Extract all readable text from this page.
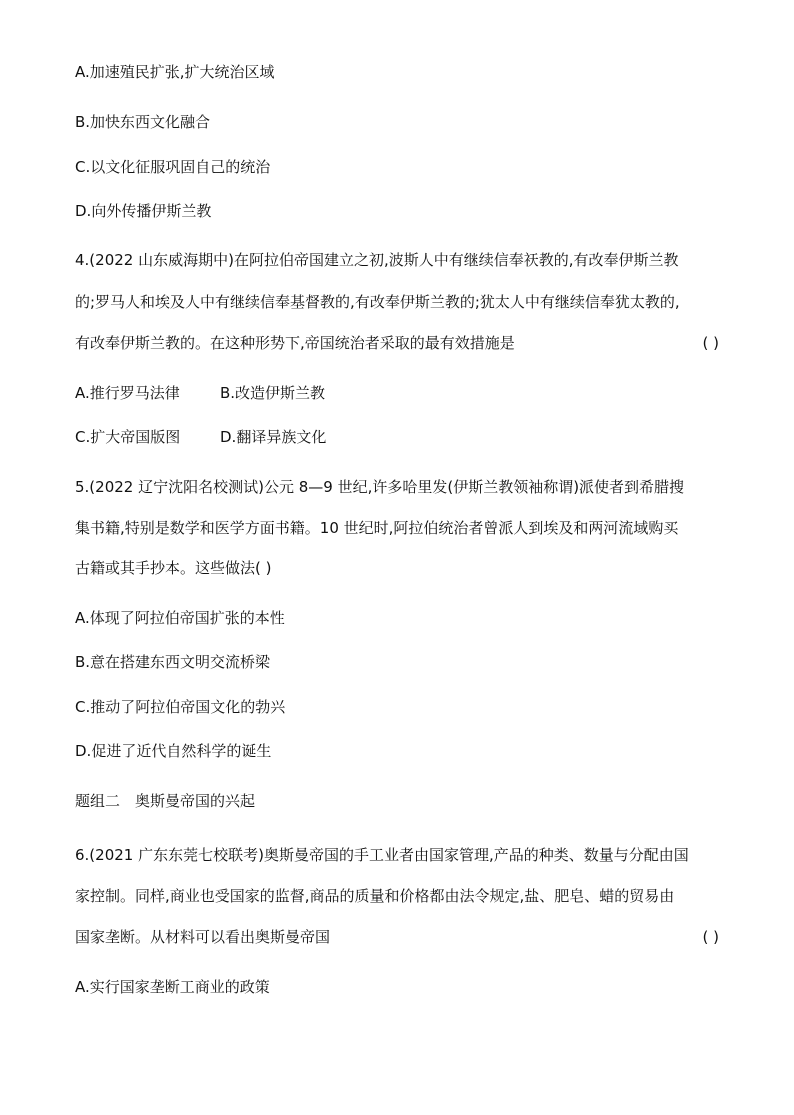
A.加速殖民扩张,扩大统治区域

B.加快东西文化融合

C.以文化征服巩固自己的统治

D.向外传播伊斯兰教

4.(2022 山东威海期中)在阿拉伯帝国建立之初,波斯人中有继续信奉祆教的,有改奉伊斯兰教

的;罗马人和埃及人中有继续信奉基督教的,有改奉伊斯兰教的;犹太人中有继续信奉犹太教的,

有改奉伊斯兰教的。在这种形势下,帝国统治者采取的最有效措施是	( )
A.推行罗马法律	B.改造伊斯兰教
C.扩大帝国版图	D.翻译异族文化

5.(2022 辽宁沈阳名校测试)公元 8—9 世纪,许多哈里发(伊斯兰教领袖称谓)派使者到希腊搜

集书籍,特别是数学和医学方面书籍。10 世纪时,阿拉伯统治者曾派人到埃及和两河流域购买

古籍或其手抄本。这些做法( )

A.体现了阿拉伯帝国扩张的本性

B.意在搭建东西文明交流桥梁

C.推动了阿拉伯帝国文化的勃兴

D.促进了近代自然科学的诞生

题组二　奥斯曼帝国的兴起

6.(2021 广东东莞七校联考)奥斯曼帝国的手工业者由国家管理,产品的种类、数量与分配由国

家控制。同样,商业也受国家的监督,商品的质量和价格都由法令规定,盐、肥皂、蜡的贸易由

国家垄断。从材料可以看出奥斯曼帝国	( )

A.实行国家垄断工商业的政策
